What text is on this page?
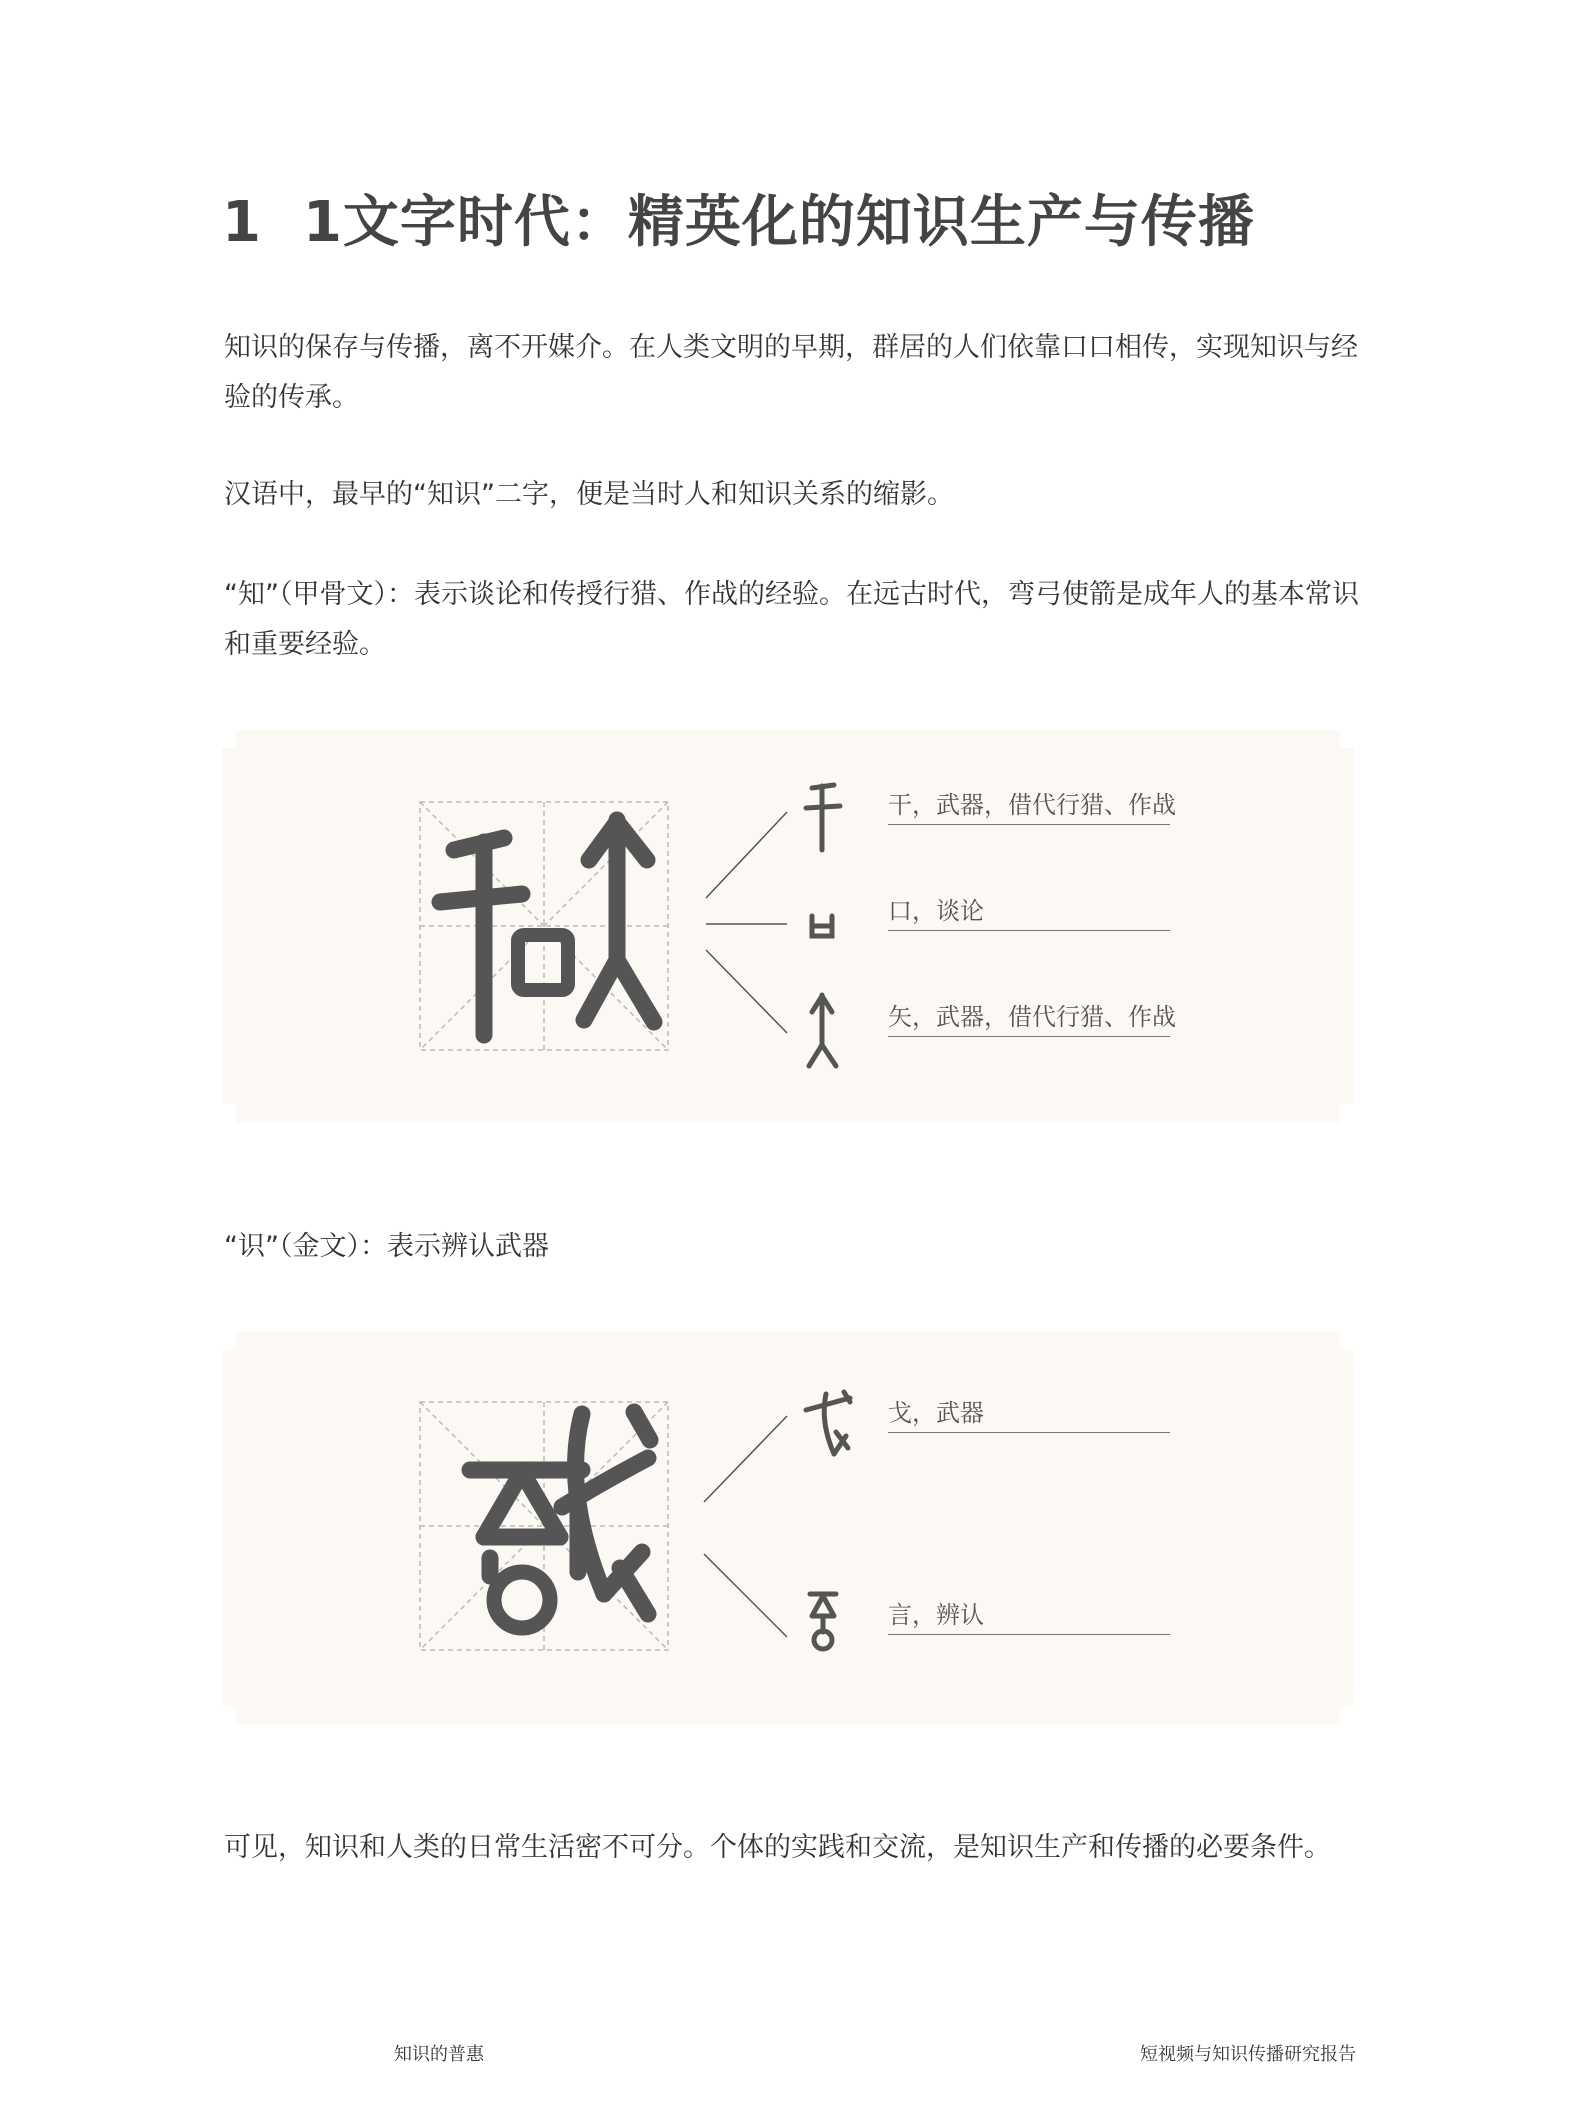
1  1文字时代：精英化的知识生产与传播

知识的保存与传播，离不开媒介。在人类文明的早期，群居的人们依靠口口相传，实现知识与经验的传承。

汉语中，最早的“知识”二字，便是当时人和知识关系的缩影。

“知”（甲骨文）：表示谈论和传授行猎、作战的经验。在远古时代，弯弓使箭是成年人的基本常识和重要经验。

干，武器，借代行猎、作战
口，谈论
矢，武器，借代行猎、作战

“识”（金文）：表示辨认武器

戈，武器
言，辨认

可见，知识和人类的日常生活密不可分。个体的实践和交流，是知识生产和传播的必要条件。

知识的普惠	短视频与知识传播研究报告
